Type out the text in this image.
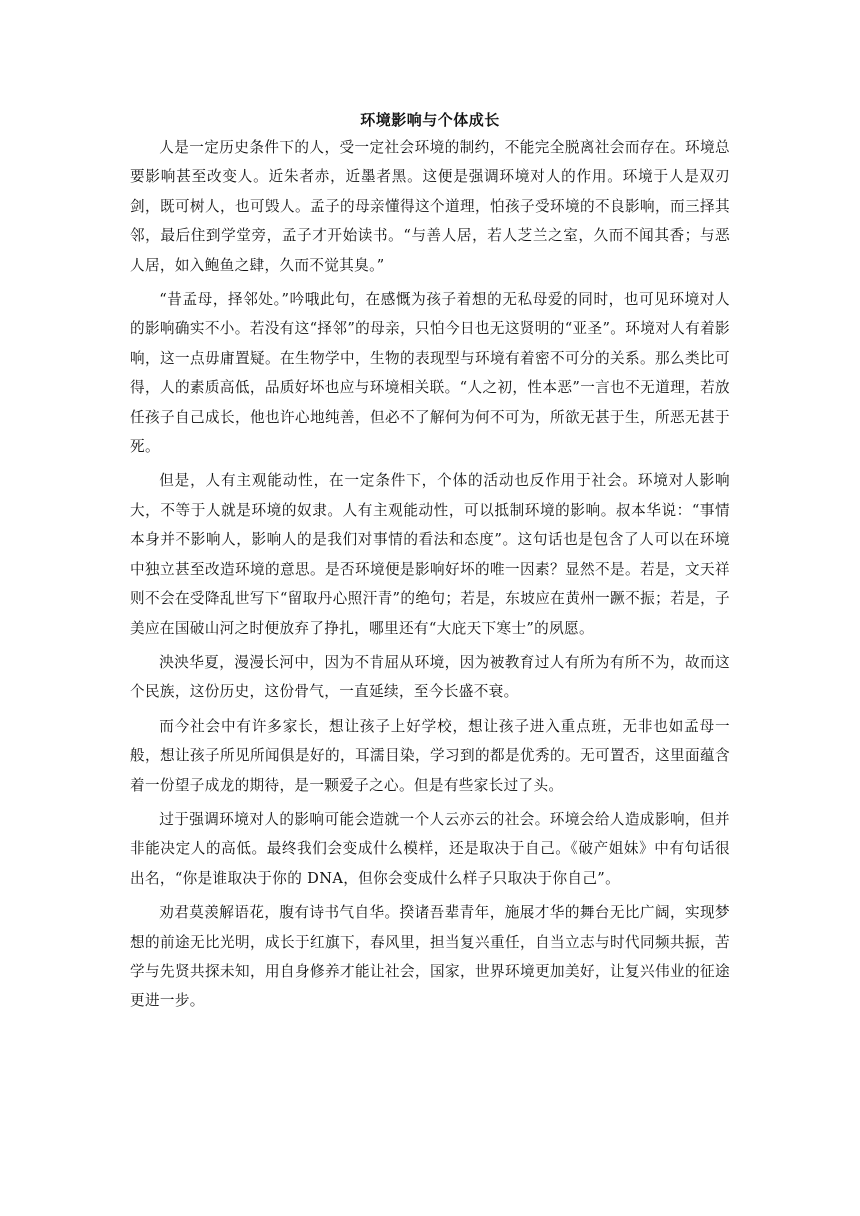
环境影响与个体成长

人是一定历史条件下的人，受一定社会环境的制约，不能完全脱离社会而存在。环境总要影响甚至改变人。近朱者赤，近墨者黑。这便是强调环境对人的作用。环境于人是双刃剑，既可树人，也可毁人。孟子的母亲懂得这个道理，怕孩子受环境的不良影响，而三择其邻，最后住到学堂旁，孟子才开始读书。“与善人居，若人芝兰之室，久而不闻其香；与恶人居，如入鲍鱼之肆，久而不觉其臭。”

“昔孟母，择邻处。”吟哦此句，在感慨为孩子着想的无私母爱的同时，也可见环境对人的影响确实不小。若没有这“择邻”的母亲，只怕今日也无这贤明的“亚圣”。环境对人有着影响，这一点毋庸置疑。在生物学中，生物的表现型与环境有着密不可分的关系。那么类比可得，人的素质高低，品质好坏也应与环境相关联。“人之初，性本恶”一言也不无道理，若放任孩子自己成长，他也许心地纯善，但必不了解何为何不可为，所欲无甚于生，所恶无甚于死。

但是，人有主观能动性，在一定条件下，个体的活动也反作用于社会。环境对人影响大，不等于人就是环境的奴隶。人有主观能动性，可以抵制环境的影响。叔本华说：“事情本身并不影响人，影响人的是我们对事情的看法和态度”。这句话也是包含了人可以在环境中独立甚至改造环境的意思。是否环境便是影响好坏的唯一因素？显然不是。若是，文天祥则不会在受降乱世写下“留取丹心照汗青”的绝句；若是，东坡应在黄州一蹶不振；若是，子美应在国破山河之时便放弃了挣扎，哪里还有“大庇天下寒士”的夙愿。

泱泱华夏，漫漫长河中，因为不肯屈从环境，因为被教育过人有所为有所不为，故而这个民族，这份历史，这份骨气，一直延续，至今长盛不衰。

而今社会中有许多家长，想让孩子上好学校，想让孩子进入重点班，无非也如孟母一般，想让孩子所见所闻俱是好的，耳濡目染，学习到的都是优秀的。无可置否，这里面蕴含着一份望子成龙的期待，是一颗爱子之心。但是有些家长过了头。

过于强调环境对人的影响可能会造就一个人云亦云的社会。环境会给人造成影响，但并非能决定人的高低。最终我们会变成什么模样，还是取决于自己。《破产姐妹》中有句话很出名，“你是谁取决于你的 DNA，但你会变成什么样子只取决于你自己”。

劝君莫羡解语花，腹有诗书气自华。揆诸吾辈青年，施展才华的舞台无比广阔，实现梦想的前途无比光明，成长于红旗下，春风里，担当复兴重任，自当立志与时代同频共振，苦学与先贤共探未知，用自身修养才能让社会，国家，世界环境更加美好，让复兴伟业的征途更进一步。
